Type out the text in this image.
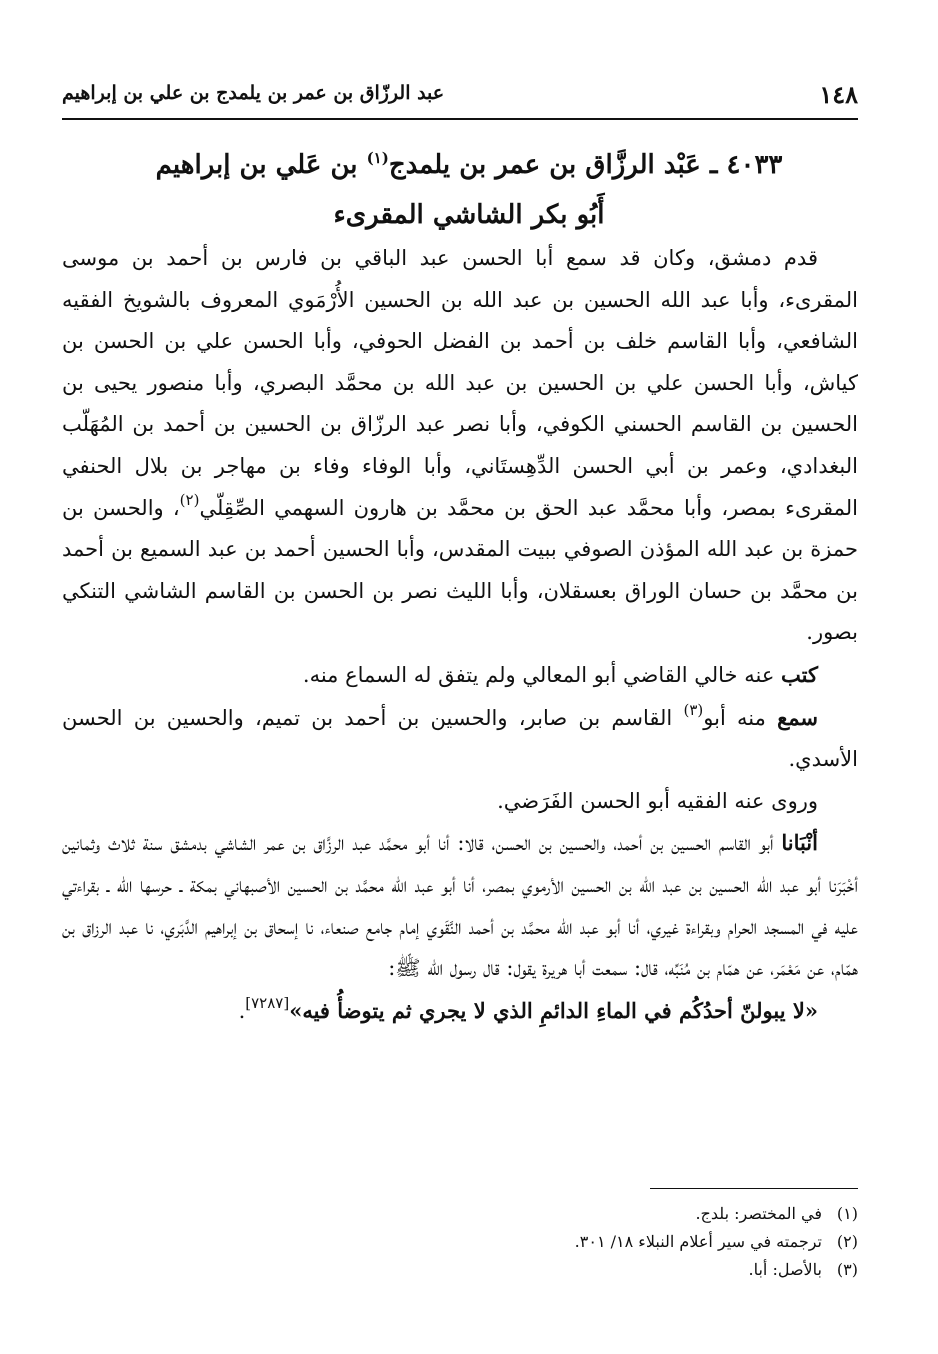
١٤٨
عبد الرزّاق بن عمر بن يلمدج بن علي بن إبراهيم
٤٠٣٣ ـ عَبْد الرزَّاق بن عمر بن يلمدج$^{(١)}$ بن عَلي بن إبراهيم
أَبُو بكر الشاشي المقرىء

قدم دمشق، وكان قد سمع أبا الحسن عبد الباقي بن فارس بن أحمد بن موسى المقرىء، وأبا عبد الله الحسين بن عبد الله بن الحسين الأُرْمَوي المعروف بالشويخ الفقيه الشافعي، وأبا القاسم خلف بن أحمد بن الفضل الحوفي، وأبا الحسن علي بن الحسن بن كياش، وأبا الحسن علي بن الحسين بن عبد الله بن محمَّد البصري، وأبا منصور يحيى بن الحسين بن القاسم الحسني الكوفي، وأبا نصر عبد الرزّاق بن الحسين بن أحمد بن المُهَلّب البغدادي، وعمر بن أبي الحسن الدِّهِستَاني، وأبا الوفاء وفاء بن مهاجر بن بلال الحنفي المقرىء بمصر، وأبا محمَّد عبد الحق بن محمَّد بن هارون السهمي الصِّقِلّي$^{(٢)}$، والحسن بن حمزة بن عبد الله المؤذن الصوفي ببيت المقدس، وأبا الحسين أحمد بن عبد السميع بن أحمد بن محمَّد بن حسان الوراق بعسقلان، وأبا الليث نصر بن الحسن بن القاسم الشاشي التنكي بصور.

كتب عنه خالي القاضي أبو المعالي ولم يتفق له السماع منه.

سمع منه أبو$^{(٣)}$ القاسم بن صابر، والحسين بن أحمد بن تميم، والحسين بن الحسن الأسدي.

وروى عنه الفقيه أبو الحسن الفَرَضي.

أنْبَانا أبو القاسم الحسين بن أحمد، والحسين بن الحسن، قالا: أنا أبو محمَّد عبد الرزَّاق بن عمر الشاشي بدمشق سنة ثلاث وثمانين أخْبَرَنا أبو عبد الله الحسين بن عبد الله بن الحسين الأرموي بمصر، أنا أبو عبد الله محمَّد بن الحسين الأصبهاني بمكة ـ حرسها الله ـ بقراءتي عليه في المسجد الحرام وبقراءة غيري، أنا أبو عبد الله محمَّد بن أحمد النَّقَوي إمام جامع صنعاء، نا إسحاق بن إبراهيم الدَّبَري، نا عبد الرزاق بن همّام، عن مَعْمَر، عن همّام بن مُنَبِّه، قال: سمعت أبا هريرة يقول: قال رسول الله ﷺ:

«لا يبولنّ أحدُكُم في الماءِ الدائمِ الذي لا يجري ثم يتوضأُ فيه»[٧٢٨٧].

(١)في المختصر: بلدج.
(٢)ترجمته في سير أعلام النبلاء ١٨/ ٣٠١.
(٣)بالأصل: أبا.
